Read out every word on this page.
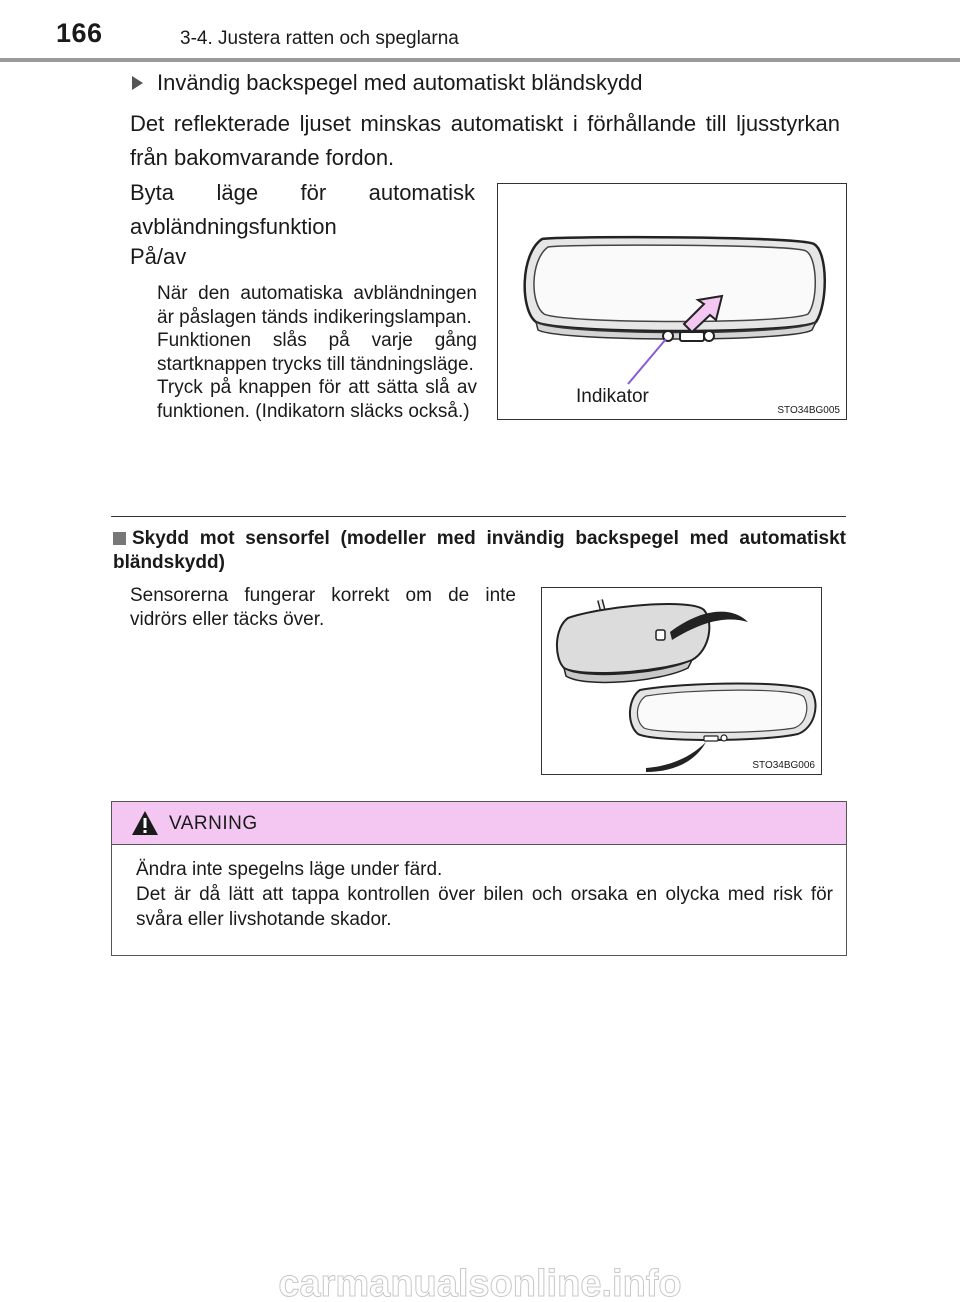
166	3-4. Justera ratten och speglarna
Invändig backspegel med automatiskt bländskydd
Det reflekterade ljuset minskas automatiskt i förhållande till ljusstyrkan från bakomvarande fordon.
Byta läge för automatisk avbländningsfunktion
På/av
När den automatiska avbländningen är påslagen tänds indikeringslampan.
Funktionen slås på varje gång startknappen trycks till tändningsläge.
Tryck på knappen för att sätta slå av funktionen. (Indikatorn släcks också.)
Indikator
STO34BG005
Skydd mot sensorfel (modeller med invändig backspegel med automatiskt bländskydd)
Sensorerna fungerar korrekt om de inte vidrörs eller täcks över.
STO34BG006
VARNING
Ändra inte spegelns läge under färd.
Det är då lätt att tappa kontrollen över bilen och orsaka en olycka med risk för svåra eller livshotande skador.
carmanualsonline.info
